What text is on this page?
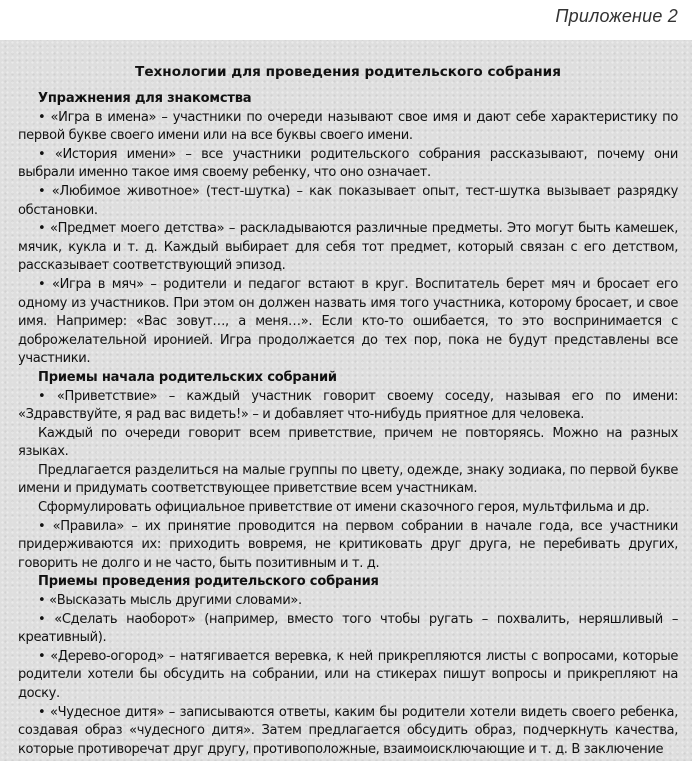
Приложение 2
Технологии для проведения родительского собрания

Упражнения для знакомства

• «Игра в имена» – участники по очереди называют свое имя и дают себе характеристику по первой букве своего имени или на все буквы своего имени.

• «История имени» – все участники родительского собрания рассказывают, почему они выбрали именно такое имя своему ребенку, что оно означает.

• «Любимое животное» (тест-шутка) – как показывает опыт, тест-шутка вызывает разрядку обстановки.

• «Предмет моего детства» – раскладываются различные предметы. Это могут быть камешек, мячик, кукла и т. д. Каждый выбирает для себя тот предмет, который связан с его детством, рассказывает соответствующий эпизод.

• «Игра в мяч» – родители и педагог встают в круг. Воспитатель берет мяч и бросает его одному из участников. При этом он должен назвать имя того участника, которому бросает, и свое имя. Например: «Вас зовут…, а меня…». Если кто-то ошибается, то это воспринимается с доброжелательной иронией. Игра продолжается до тех пор, пока не будут представлены все участники.

Приемы начала родительских собраний

• «Приветствие» – каждый участник говорит своему соседу, называя его по имени: «Здравствуйте, я рад вас видеть!» – и добавляет что-нибудь приятное для человека.

Каждый по очереди говорит всем приветствие, причем не повторяясь. Можно на разных языках.

Предлагается разделиться на малые группы по цвету, одежде, знаку зодиака, по первой букве имени и придумать соответствующее приветствие всем участникам.

Сформулировать официальное приветствие от имени сказочного героя, мультфильма и др.

• «Правила» – их принятие проводится на первом собрании в начале года, все участники придерживаются их: приходить вовремя, не критиковать друг друга, не перебивать других, говорить не долго и не часто, быть позитивным и т. д.

Приемы проведения родительского собрания

• «Высказать мысль другими словами».

• «Сделать наоборот» (например, вместо того чтобы ругать – похвалить, неряшливый – креативный).

• «Дерево-огород» – натягивается веревка, к ней прикрепляются листы с вопросами, которые родители хотели бы обсудить на собрании, или на стикерах пишут вопросы и прикрепляют на доску.

• «Чудесное дитя» – записываются ответы, каким бы родители хотели видеть своего ребенка, создавая образ «чудесного дитя». Затем предлагается обсудить образ, подчеркнуть качества, которые противоречат друг другу, противоположные, взаимоисключающие и т. д. В заключение
